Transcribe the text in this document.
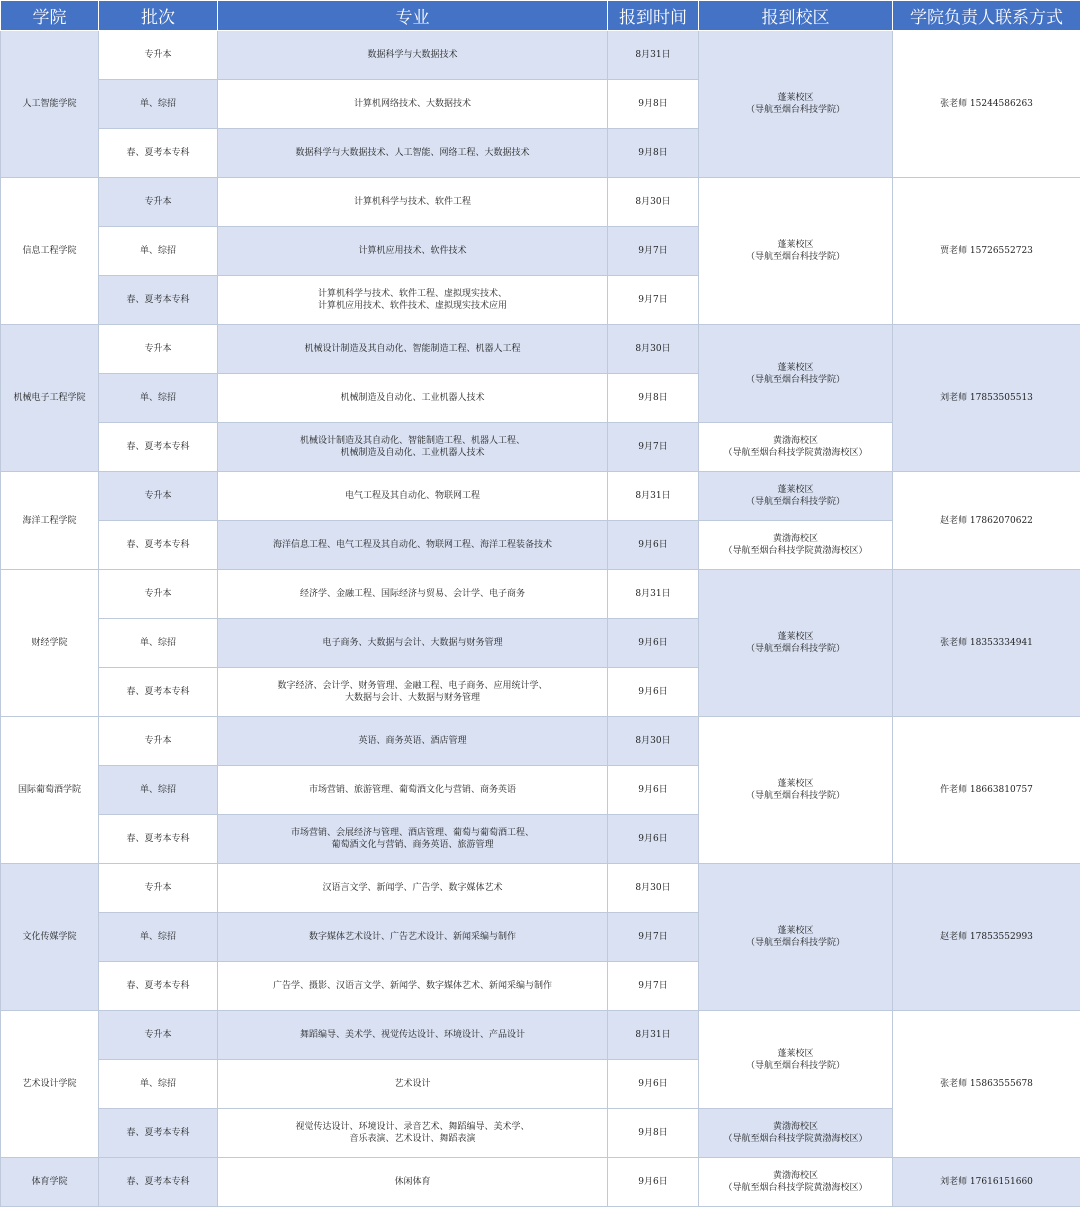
学院	批次	专业	报到时间	报到校区	学院负责人联系方式
人工智能学院	专升本	数据科学与大数据技术	8月31日	蓬莱校区
（导航至烟台科技学院）	张老师 15244586263
	单、综招	计算机网络技术、大数据技术	9月8日		
	春、夏考本专科	数据科学与大数据技术、人工智能、网络工程、大数据技术	9月8日		
信息工程学院	专升本	计算机科学与技术、软件工程	8月30日	蓬莱校区
（导航至烟台科技学院）	贾老师 15726552723
	单、综招	计算机应用技术、软件技术	9月7日		
	春、夏考本专科	计算机科学与技术、软件工程、虚拟现实技术、
计算机应用技术、软件技术、虚拟现实技术应用	9月7日		
机械电子工程学院	专升本	机械设计制造及其自动化、智能制造工程、机器人工程	8月30日	蓬莱校区
（导航至烟台科技学院）	刘老师 17853505513
	单、综招	机械制造及自动化、工业机器人技术	9月8日		
	春、夏考本专科	机械设计制造及其自动化、智能制造工程、机器人工程、
机械制造及自动化、工业机器人技术	9月7日	黄渤海校区
（导航至烟台科技学院黄渤海校区）	
海洋工程学院	专升本	电气工程及其自动化、物联网工程	8月31日	蓬莱校区
（导航至烟台科技学院）	赵老师 17862070622
	春、夏考本专科	海洋信息工程、电气工程及其自动化、物联网工程、海洋工程装备技术	9月6日	黄渤海校区
（导航至烟台科技学院黄渤海校区）	
财经学院	专升本	经济学、金融工程、国际经济与贸易、会计学、电子商务	8月31日	蓬莱校区
（导航至烟台科技学院）	张老师 18353334941
	单、综招	电子商务、大数据与会计、大数据与财务管理	9月6日		
	春、夏考本专科	数字经济、会计学、财务管理、金融工程、电子商务、应用统计学、
大数据与会计、大数据与财务管理	9月6日		
国际葡萄酒学院	专升本	英语、商务英语、酒店管理	8月30日	蓬莱校区
（导航至烟台科技学院）	仵老师 18663810757
	单、综招	市场营销、旅游管理、葡萄酒文化与营销、商务英语	9月6日		
	春、夏考本专科	市场营销、会展经济与管理、酒店管理、葡萄与葡萄酒工程、
葡萄酒文化与营销、商务英语、旅游管理	9月6日		
文化传媒学院	专升本	汉语言文学、新闻学、广告学、数字媒体艺术	8月30日	蓬莱校区
（导航至烟台科技学院）	赵老师 17853552993
	单、综招	数字媒体艺术设计、广告艺术设计、新闻采编与制作	9月7日		
	春、夏考本专科	广告学、摄影、汉语言文学、新闻学、数字媒体艺术、新闻采编与制作	9月7日		
艺术设计学院	专升本	舞蹈编导、美术学、视觉传达设计、环境设计、产品设计	8月31日	蓬莱校区
（导航至烟台科技学院）	张老师 15863555678
	单、综招	艺术设计	9月6日		
	春、夏考本专科	视觉传达设计、环境设计、录音艺术、舞蹈编导、美术学、
音乐表演、艺术设计、舞蹈表演	9月8日	黄渤海校区
（导航至烟台科技学院黄渤海校区）	
体育学院	春、夏考本专科	休闲体育	9月6日	黄渤海校区
（导航至烟台科技学院黄渤海校区）	刘老师 17616151660
